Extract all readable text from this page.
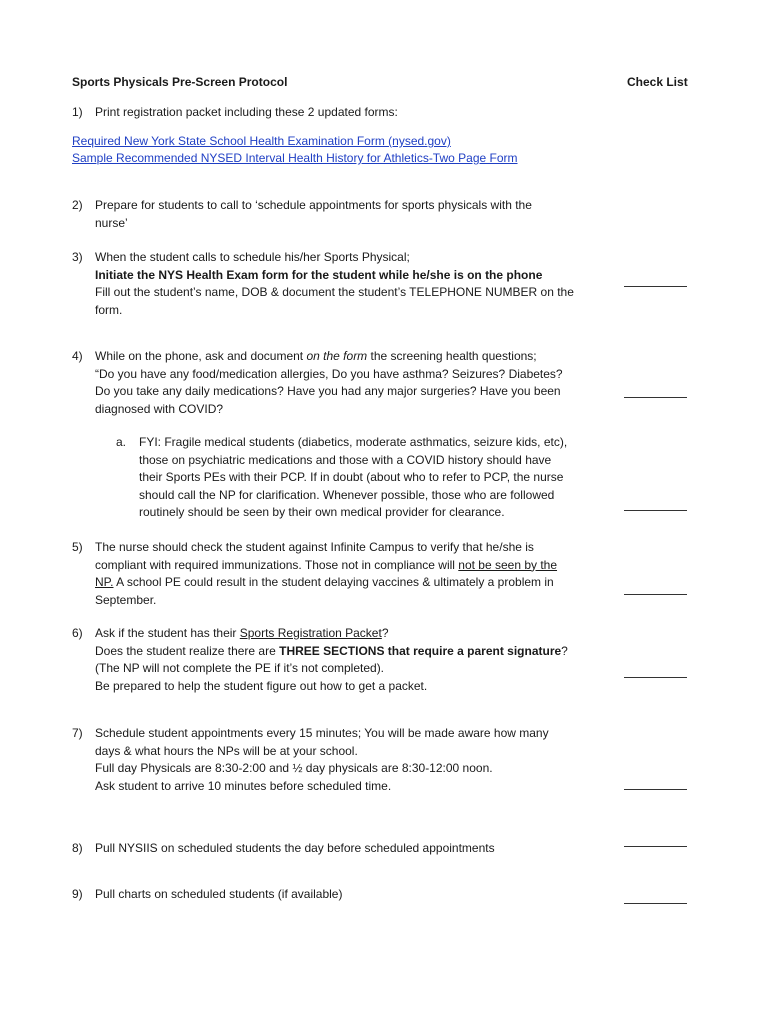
Sports Physicals Pre-Screen Protocol	Check List
1) Print registration packet including these 2 updated forms:
Required New York State School Health Examination Form (nysed.gov)
Sample Recommended NYSED Interval Health History for Athletics-Two Page Form
2) Prepare for students to call to ‘schedule appointments for sports physicals with the
nurse’
3) When the student calls to schedule his/her Sports Physical;
Initiate the NYS Health Exam form for the student while he/she is on the phone
Fill out the student’s name, DOB & document the student’s TELEPHONE NUMBER on the
form.
4) While on the phone, ask and document on the form the screening health questions;
“Do you have any food/medication allergies, Do you have asthma? Seizures? Diabetes?
Do you take any daily medications? Have you had any major surgeries? Have you been
diagnosed with COVID?
a. FYI: Fragile medical students (diabetics, moderate asthmatics, seizure kids, etc),
those on psychiatric medications and those with a COVID history should have
their Sports PEs with their PCP. If in doubt (about who to refer to PCP, the nurse
should call the NP for clarification. Whenever possible, those who are followed
routinely should be seen by their own medical provider for clearance.
5) The nurse should check the student against Infinite Campus to verify that he/she is
compliant with required immunizations. Those not in compliance will not be seen by the
NP. A school PE could result in the student delaying vaccines & ultimately a problem in
September.
6) Ask if the student has their Sports Registration Packet?
Does the student realize there are THREE SECTIONS that require a parent signature?
(The NP will not complete the PE if it’s not completed).
Be prepared to help the student figure out how to get a packet.
7) Schedule student appointments every 15 minutes; You will be made aware how many
days & what hours the NPs will be at your school.
Full day Physicals are 8:30-2:00 and ½ day physicals are 8:30-12:00 noon.
Ask student to arrive 10 minutes before scheduled time.
8) Pull NYSIIS on scheduled students the day before scheduled appointments
9) Pull charts on scheduled students (if available)
